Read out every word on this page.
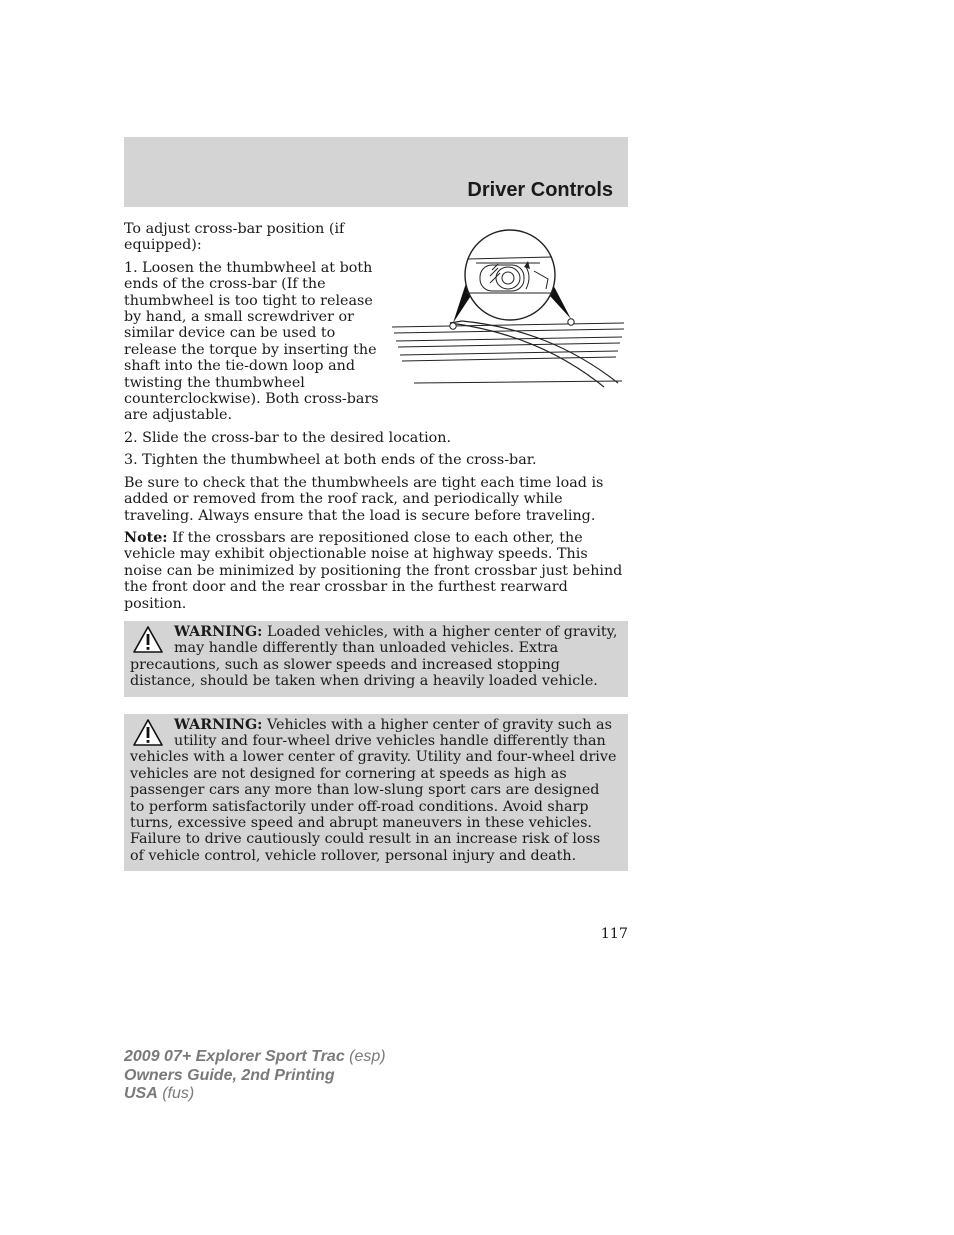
Driver Controls

To adjust cross-bar position (if equipped):

1. Loosen the thumbwheel at both ends of the cross-bar (If the thumbwheel is too tight to release by hand, a small screwdriver or similar device can be used to release the torque by inserting the shaft into the tie-down loop and twisting the thumbwheel counterclockwise). Both cross-bars are adjustable.

2. Slide the cross-bar to the desired location.

3. Tighten the thumbwheel at both ends of the cross-bar.

Be sure to check that the thumbwheels are tight each time load is added or removed from the roof rack, and periodically while traveling. Always ensure that the load is secure before traveling.

Note: If the crossbars are repositioned close to each other, the vehicle may exhibit objectionable noise at highway speeds. This noise can be minimized by positioning the front crossbar just behind the front door and the rear crossbar in the furthest rearward position.

WARNING: Loaded vehicles, with a higher center of gravity, may handle differently than unloaded vehicles. Extra precautions, such as slower speeds and increased stopping distance, should be taken when driving a heavily loaded vehicle.
WARNING: Vehicles with a higher center of gravity such as utility and four-wheel drive vehicles handle differently than vehicles with a lower center of gravity. Utility and four-wheel drive vehicles are not designed for cornering at speeds as high as passenger cars any more than low-slung sport cars are designed to perform satisfactorily under off-road conditions. Avoid sharp turns, excessive speed and abrupt maneuvers in these vehicles. Failure to drive cautiously could result in an increase risk of loss of vehicle control, vehicle rollover, personal injury and death.

117

2009 07+ Explorer Sport Trac (esp)
Owners Guide, 2nd Printing
USA (fus)
